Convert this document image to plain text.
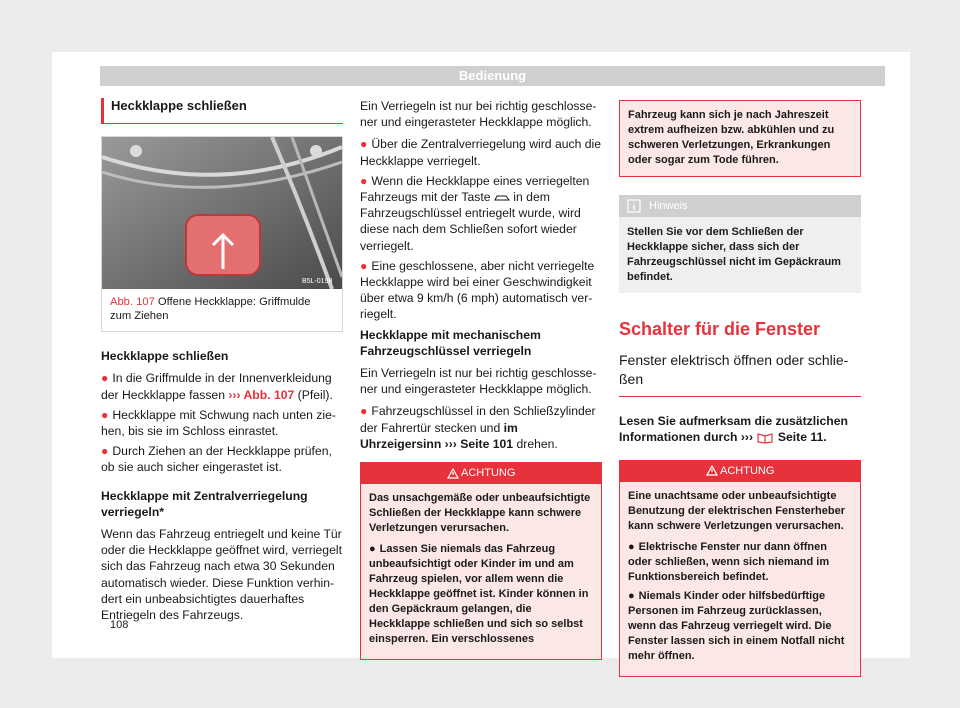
Bedienung
Heckklappe schließen
B5L-0198
Abb. 107 Offene Heckklappe: Griffmulde zum Ziehen

Heckklappe schließen

● In die Griffmulde in der Innenverkleidung der Heckklappe fassen ››› Abb. 107 (Pfeil).

● Heckklappe mit Schwung nach unten ziehen, bis sie im Schloss einrastet.

● Durch Ziehen an der Heckklappe prüfen, ob sie auch sicher eingerastet ist.

Heckklappe mit Zentralverriegelung verriegeln*

Wenn das Fahrzeug entriegelt und keine Tür oder die Heckklappe geöffnet wird, verriegelt sich das Fahrzeug nach etwa 30 Sekunden automatisch wieder. Diese Funktion verhindert ein unbeabsichtigtes dauerhaftes Entriegeln des Fahrzeugs.

Ein Verriegeln ist nur bei richtig geschlossener und eingerasteter Heckklappe möglich.

● Über die Zentralverriegelung wird auch die Heckklappe verriegelt.

● Wenn die Heckklappe eines verriegelten Fahrzeugs mit der Taste  in dem Fahrzeugschlüssel entriegelt wurde, wird diese nach dem Schließen sofort wieder verriegelt.

● Eine geschlossene, aber nicht verriegelte Heckklappe wird bei einer Geschwindigkeit über etwa 9 km/h (6 mph) automatisch verriegelt.

Heckklappe mit mechanischem Fahrzeugschlüssel verriegeln

Ein Verriegeln ist nur bei richtig geschlossener und eingerasteter Heckklappe möglich.

● Fahrzeugschlüssel in den Schließzylinder der Fahrertür stecken und im Uhrzeigersinn ››› Seite 101 drehen.

ACHTUNG

Das unsachgemäße oder unbeaufsichtigte Schließen der Heckklappe kann schwere Verletzungen verursachen.

● Lassen Sie niemals das Fahrzeug unbeaufsichtigt oder Kinder im und am Fahrzeug spielen, vor allem wenn die Heckklappe geöffnet ist. Kinder können in den Gepäckraum gelangen, die Heckklappe schließen und sich so selbst einsperren. Ein verschlossenes

Fahrzeug kann sich je nach Jahreszeit extrem aufheizen bzw. abkühlen und zu schweren Verletzungen, Erkrankungen oder sogar zum Tode führen.
Hinweis
Stellen Sie vor dem Schließen der Heckklappe sicher, dass sich der Fahrzeugschlüssel nicht im Gepäckraum befindet.
Schalter für die Fenster
Fenster elektrisch öffnen oder schließen

Lesen Sie aufmerksam die zusätzlichen Informationen durch ››› Seite 11.

ACHTUNG

Eine unachtsame oder unbeaufsichtigte Benutzung der elektrischen Fensterheber kann schwere Verletzungen verursachen.

● Elektrische Fenster nur dann öffnen oder schließen, wenn sich niemand im Funktionsbereich befindet.

● Niemals Kinder oder hilfsbedürftige Personen im Fahrzeug zurücklassen, wenn das Fahrzeug verriegelt wird. Die Fenster lassen sich in einem Notfall nicht mehr öffnen.

108
